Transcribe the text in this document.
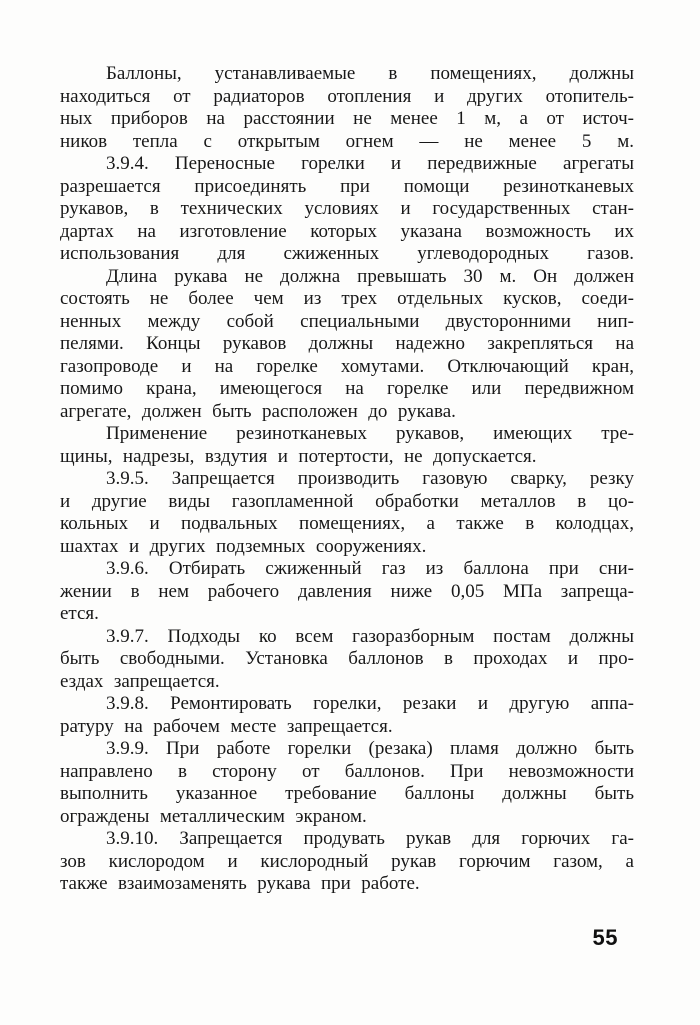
Баллоны, устанавливаемые в помещениях, должны
находиться от радиаторов отопления и других отопитель-
ных приборов на расстоянии не менее 1 м, а от источ-
ников тепла с открытым огнем — не менее 5 м.
3.9.4. Переносные горелки и передвижные агрегаты
разрешается присоединять при помощи резинотканевых
рукавов, в технических условиях и государственных стан-
дартах на изготовление которых указана возможность их
использования для сжиженных углеводородных газов.
Длина рукава не должна превышать 30 м. Он должен
состоять не более чем из трех отдельных кусков, соеди-
ненных между собой специальными двусторонними нип-
пелями. Концы рукавов должны надежно закрепляться на
газопроводе и на горелке хомутами. Отключающий кран,
помимо крана, имеющегося на горелке или передвижном
агрегате, должен быть расположен до рукава.
Применение резинотканевых рукавов, имеющих тре-
щины, надрезы, вздутия и потертости, не допускается.
3.9.5. Запрещается производить газовую сварку, резку
и другие виды газопламенной обработки металлов в цо-
кольных и подвальных помещениях, а также в колодцах,
шахтах и других подземных сооружениях.
3.9.6. Отбирать сжиженный газ из баллона при сни-
жении в нем рабочего давления ниже 0,05 МПа запреща-
ется.
3.9.7. Подходы ко всем газоразборным постам должны
быть свободными. Установка баллонов в проходах и про-
ездах запрещается.
3.9.8. Ремонтировать горелки, резаки и другую аппа-
ратуру на рабочем месте запрещается.
3.9.9. При работе горелки (резака) пламя должно быть
направлено в сторону от баллонов. При невозможности
выполнить указанное требование баллоны должны быть
ограждены металлическим экраном.
3.9.10. Запрещается продувать рукав для горючих га-
зов кислородом и кислородный рукав горючим газом, а
также взаимозаменять рукава при работе.
55
